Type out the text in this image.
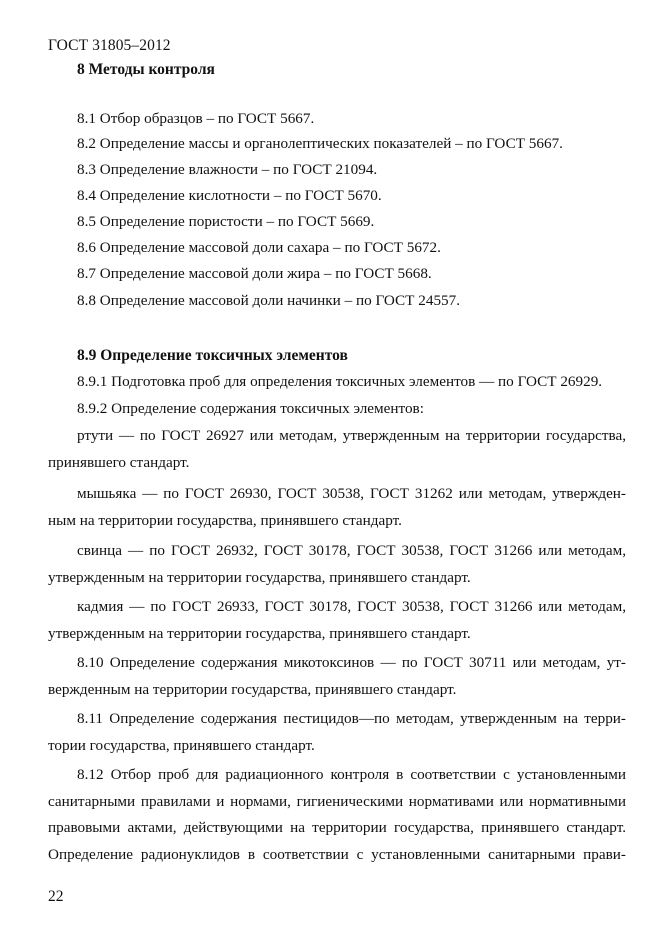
ГОСТ 31805–2012
8 Методы контроля
8.1 Отбор образцов – по ГОСТ 5667.
8.2 Определение массы и органолептических показателей – по ГОСТ 5667.
8.3 Определение влажности – по ГОСТ 21094.
8.4 Определение кислотности – по ГОСТ 5670.
8.5 Определение пористости – по ГОСТ 5669.
8.6 Определение массовой доли сахара – по ГОСТ 5672.
8.7 Определение массовой доли жира – по ГОСТ 5668.
8.8 Определение массовой доли начинки – по ГОСТ 24557.
8.9 Определение токсичных элементов
8.9.1 Подготовка проб для определения токсичных элементов — по ГОСТ 26929.
8.9.2 Определение содержания токсичных элементов:
ртути — по ГОСТ 26927 или методам, утвержденным на территории государства,
принявшего стандарт.
мышьяка — по ГОСТ 26930, ГОСТ 30538, ГОСТ 31262 или методам, утвержден-
ным на территории государства, принявшего стандарт.
свинца — по ГОСТ 26932, ГОСТ 30178, ГОСТ 30538, ГОСТ 31266 или методам,
утвержденным на территории государства, принявшего стандарт.
кадмия — по ГОСТ 26933, ГОСТ 30178, ГОСТ 30538, ГОСТ 31266 или методам,
утвержденным на территории государства, принявшего стандарт.
8.10 Определение содержания микотоксинов — по ГОСТ 30711 или методам, ут-
вержденным на территории государства, принявшего стандарт.
8.11 Определение содержания пестицидов—по методам, утвержденным на терри-
тории государства, принявшего стандарт.
8.12 Отбор проб для радиационного контроля в соответствии с установленными
санитарными правилами и нормами, гигиеническими нормативами или нормативными
правовыми актами, действующими на территории государства, принявшего стандарт.
Определение радионуклидов в соответствии с установленными санитарными прави-
22
